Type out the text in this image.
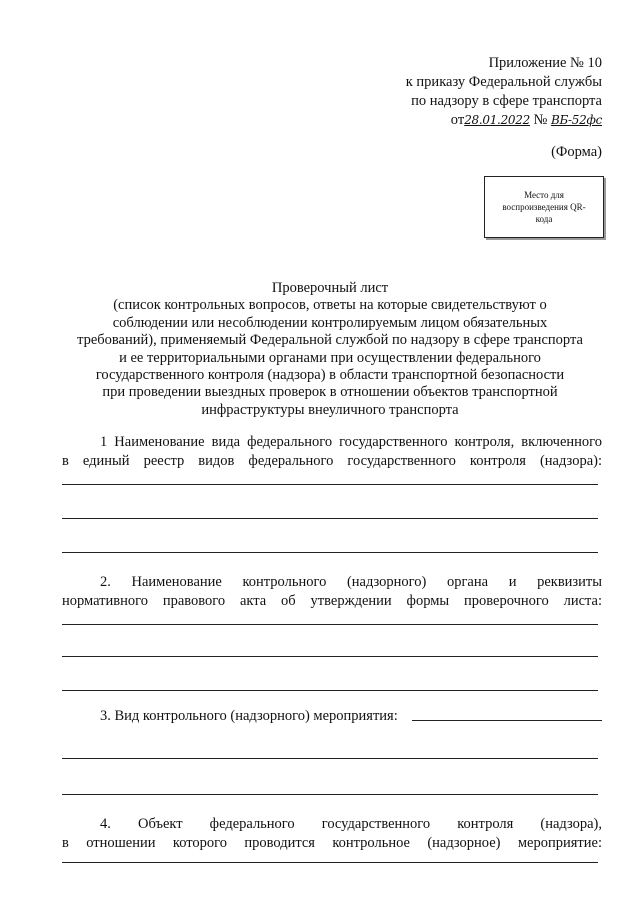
Приложение № 10
к приказу Федеральной службы
по надзору в сфере транспорта
от28.01.2022 № ВБ-52фс
(Форма)
Место для воспроизведения QR-кода
Проверочный лист
(список контрольных вопросов, ответы на которые свидетельствуют о
соблюдении или несоблюдении контролируемым лицом обязательных
требований), применяемый Федеральной службой по надзору в сфере транспорта
и ее территориальными органами при осуществлении федерального
государственного контроля (надзора) в области транспортной безопасности
при проведении выездных проверок в отношении объектов транспортной
инфраструктуры внеуличного транспорта
1 Наименование вида федерального государственного контроля, включенного
в единый реестр видов федерального государственного контроля (надзора):
2. Наименование контрольного (надзорного) органа и реквизиты
нормативного правового акта об утверждении формы проверочного листа:
3. Вид контрольного (надзорного) мероприятия:
4. Объект федерального государственного контроля (надзора),
в отношении которого проводится контрольное (надзорное) мероприятие:
